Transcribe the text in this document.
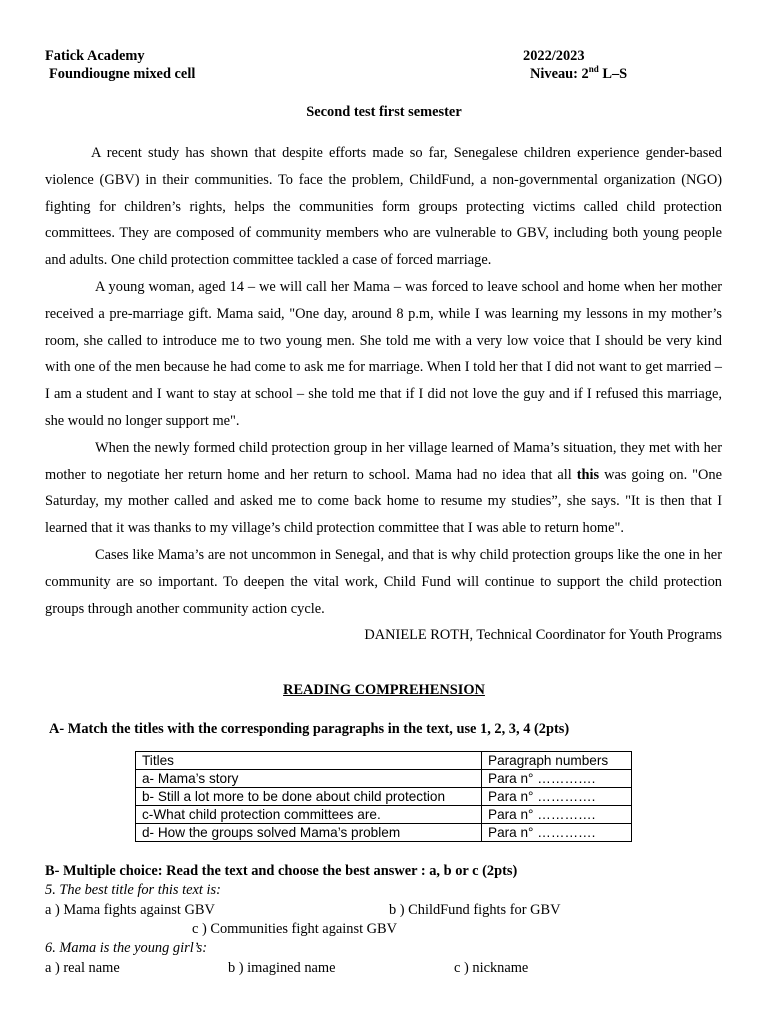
Fatick Academy
Foundiougne mixed cell
2022/2023
Niveau: 2nd L–S
Second test first semester

A recent study has shown that despite efforts made so far, Senegalese children experience gender-based violence (GBV) in their communities. To face the problem, ChildFund, a non-governmental organization (NGO) fighting for children’s rights, helps the communities form groups protecting victims called child protection committees. They are composed of community members who are vulnerable to GBV, including both young people and adults. One child protection committee tackled a case of forced marriage.

A young woman, aged 14 – we will call her Mama – was forced to leave school and home when her mother received a pre-marriage gift. Mama said, "One day, around 8 p.m, while I was learning my lessons in my mother’s room, she called to introduce me to two young men. She told me with a very low voice that I should be very kind with one of the men because he had come to ask me for marriage. When I told her that I did not want to get married – I am a student and I want to stay at school – she told me that if I did not love the guy and if I refused this marriage, she would no longer support me".

When the newly formed child protection group in her village learned of Mama’s situation, they met with her mother to negotiate her return home and her return to school. Mama had no idea that all this was going on. "One Saturday, my mother called and asked me to come back home to resume my studies”, she says. "It is then that I learned that it was thanks to my village’s child protection committee that I was able to return home".

Cases like Mama’s are not uncommon in Senegal, and that is why child protection groups like the one in her community are so important. To deepen the vital work, Child Fund will continue to support the child protection groups through another community action cycle.

DANIELE ROTH, Technical Coordinator for Youth Programs
READING COMPREHENSION
A- Match the titles with the corresponding paragraphs in the text, use 1, 2, 3, 4 (2pts)
Titles	Paragraph numbers
a- Mama’s story	Para n° ………….
b- Still a lot more to be done about child protection	Para n° ………….
c-What child protection committees are.	Para n° ………….
d- How the groups solved Mama’s problem	Para n° ………….
B- Multiple choice: Read the text and choose the best answer : a, b or c (2pts)
5. The best title for this text is:
a ) Mama fights against GBV	b ) ChildFund fights for GBV
c ) Communities fight against GBV
6. Mama is the young girl’s:
a ) real name	b ) imagined name	c ) nickname
